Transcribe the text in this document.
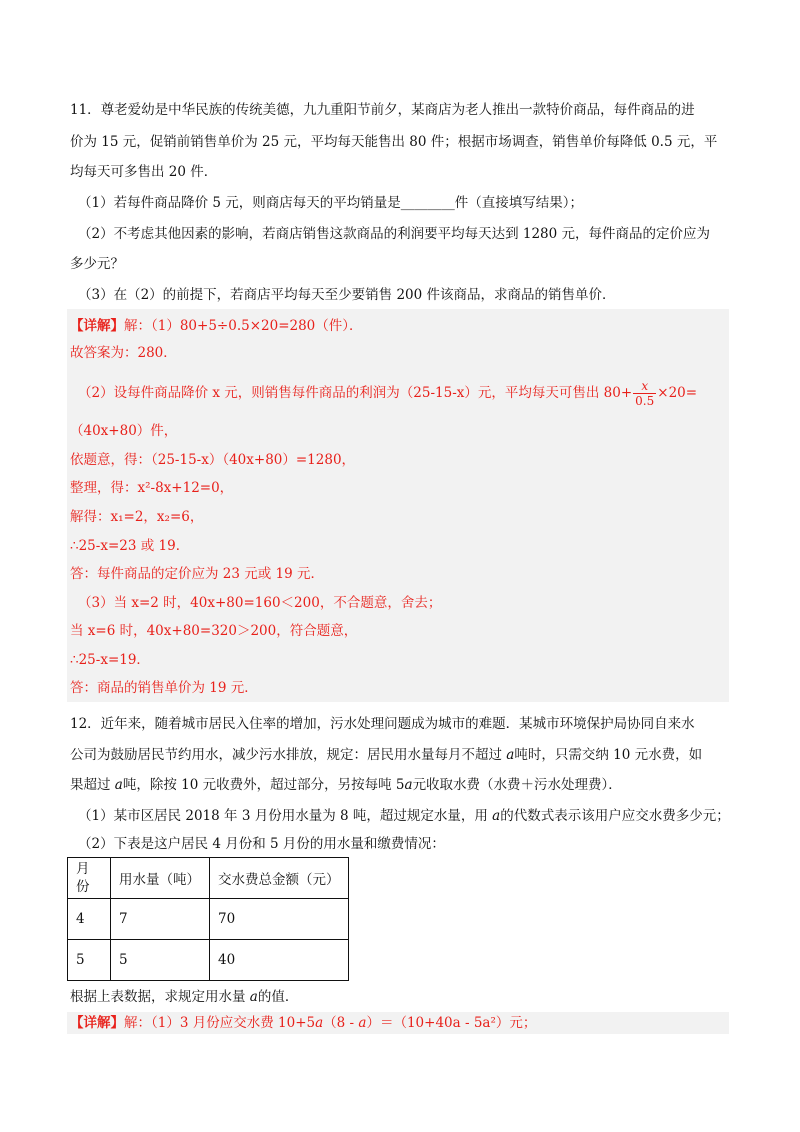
11．尊老爱幼是中华民族的传统美德，九九重阳节前夕，某商店为老人推出一款特价商品，每件商品的进
价为 15 元，促销前销售单价为 25 元，平均每天能售出 80 件；根据市场调查，销售单价每降低 0.5 元，平
均每天可多售出 20 件．
（1）若每件商品降价 5 元，则商店每天的平均销量是________件（直接填写结果）；
（2）不考虑其他因素的影响，若商店销售这款商品的利润要平均每天达到 1280 元，每件商品的定价应为
多少元？
（3）在（2）的前提下，若商店平均每天至少要销售 200 件该商品，求商品的销售单价．
【详解】解：（1）80+5÷0.5×20=280（件）．
故答案为：280．
（2）设每件商品降价 x 元，则销售每件商品的利润为（25-15-x）元，平均每天可售出 $80+ \frac{x}{0.5} \times 20=$
（40x+80）件，
依题意，得：（25-15-x）（40x+80）=1280，
整理，得：x²-8x+12=0，
解得：x₁=2，x₂=6，
∴25-x=23 或 19．
答：每件商品的定价应为 23 元或 19 元．
（3）当 x=2 时，40x+80=160＜200，不合题意，舍去；
当 x=6 时，40x+80=320＞200，符合题意，
∴25-x=19．
答：商品的销售单价为 19 元．
12．近年来，随着城市居民入住率的增加，污水处理问题成为城市的难题．某城市环境保护局协同自来水
公司为鼓励居民节约用水，减少污水排放，规定：居民用水量每月不超过 a吨时，只需交纳 10 元水费，如
果超过 a吨，除按 10 元收费外，超过部分，另按每吨 5a元收取水费（水费＋污水处理费）．
（1）某市区居民 2018 年 3 月份用水量为 8 吨，超过规定水量，用 a的代数式表示该用户应交水费多少元；
（2）下表是这户居民 4 月份和 5 月份的用水量和缴费情况：
月份	用水量（吨）	交水费总金额（元）
4	7	70
5	5	40
根据上表数据，求规定用水量 a的值．
【详解】解：（1）3 月份应交水费 10+5a（8 - a）＝（10+40a - 5a²）元；
